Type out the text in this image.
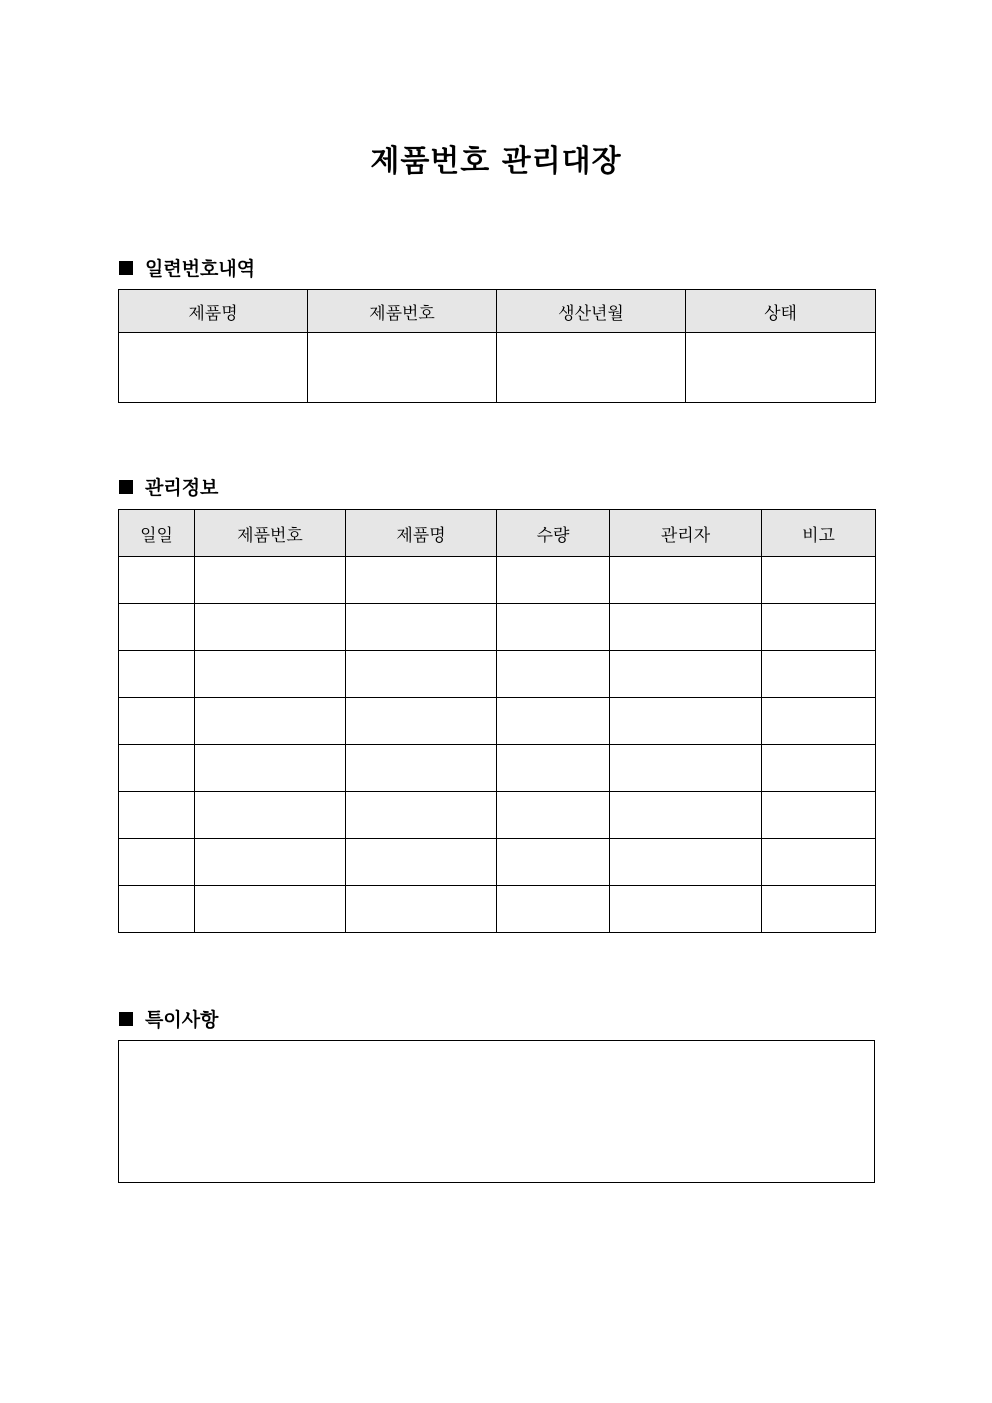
제품번호 관리대장
일련번호내역
제품명	제품번호	생산년월	상태

관리정보
일일	제품번호	제품명	수량	관리자	비고

특이사항
